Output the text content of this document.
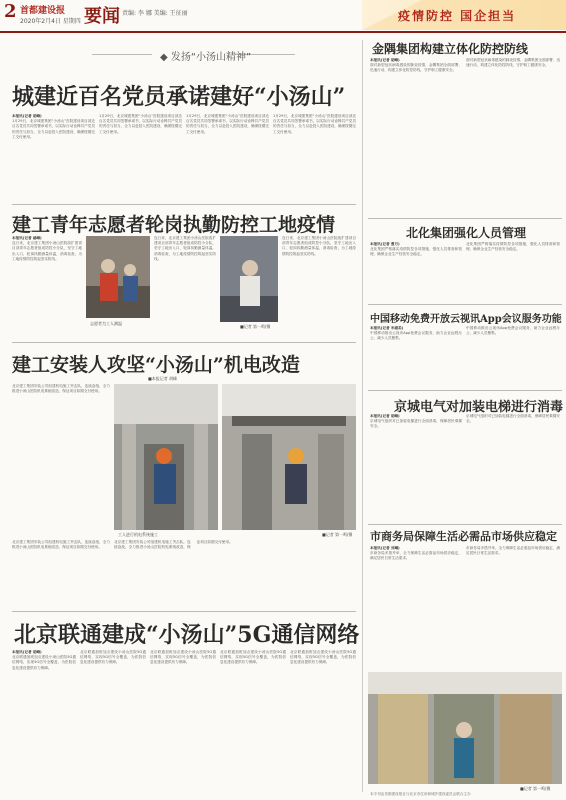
2 首都建设报
2020年2月4日 星期四 要闻 责编: 李 娜 美编: 王征丽	疫情防控 国企担当
◆ 发扬“小汤山精神”
城建近百名党员承诺建好“小汤山”
本报讯(记者 胡峰)
1月29日，北京城建集团“小汤山”医院建设项目部近百名党员共同签署承诺书，以实际行动诠释共产党员的责任与担当，全力以赴投入医院建设，确保按期完工交付使用。
1月29日，北京城建集团“小汤山”医院建设项目部近百名党员共同签署承诺书，以实际行动诠释共产党员的责任与担当，全力以赴投入医院建设，确保按期完工交付使用。
1月29日，北京城建集团“小汤山”医院建设项目部近百名党员共同签署承诺书，以实际行动诠释共产党员的责任与担当，全力以赴投入医院建设，确保按期完工交付使用。
1月29日，北京城建集团“小汤山”医院建设项目部近百名党员共同签署承诺书，以实际行动诠释共产党员的责任与担当，全力以赴投入医院建设，确保按期完工交付使用。
建工青年志愿者轮岗执勤防控工地疫情
本报讯(记者 郝峰)
连日来，北京建工集团小汤山医院改扩建项目部青年志愿者组成防控小分队，坚守工地出入口，轮岗执勤测量体温，消毒检查，为工地疫情防控筑起坚实防线。
志愿者为工人测温
连日来，北京建工集团小汤山医院改扩建项目部青年志愿者组成防控小分队，坚守工地出入口，轮岗执勤测量体温，消毒检查，为工地疫情防控筑起坚实防线。
■记者 第一鸣/摄
连日来，北京建工集团小汤山医院改扩建项目部青年志愿者组成防控小分队，坚守工地出入口，轮岗执勤测量体温，消毒检查，为工地疫情防控筑起坚实防线。
建工安装人攻坚“小汤山”机电改造
■本报记者 胡峰
北京建工集团安装公司组建机电施工突击队，连续奋战，全力推进小汤山医院机电系统改造，保证项目如期交付使用。
工人进行机电系统施工	■记者 第一鸣/摄
北京建工集团安装公司组建机电施工突击队，连续奋战，全力推进小汤山医院机电系统改造，保证项目如期交付使用。
北京建工集团安装公司组建机电施工突击队，连续奋战，全力推进小汤山医院机电系统改造，保证项目如期交付使用。
北京联通建成“小汤山”5G通信网络
本报讯(记者 胡峰)
北京联通加班加点建设小汤山医院5G通信网络，实现5G信号全覆盖，为医院信息化建设提供有力保障。
北京联通加班加点建设小汤山医院5G通信网络，实现5G信号全覆盖，为医院信息化建设提供有力保障。
北京联通加班加点建设小汤山医院5G通信网络，实现5G信号全覆盖，为医院信息化建设提供有力保障。
北京联通加班加点建设小汤山医院5G通信网络，实现5G信号全覆盖，为医院信息化建设提供有力保障。
北京联通加班加点建设小汤山医院5G通信网络，实现5G信号全覆盖，为医院信息化建设提供有力保障。
金隅集团构建立体化防控防线
本报讯(记者 胡峰)
面对新型冠状病毒感染的肺炎疫情，金隅集团全面部署、迅速行动，构建立体化防控防线，守护职工健康安全。
面对新型冠状病毒感染的肺炎疫情，金隅集团全面部署、迅速行动，构建立体化防控防线，守护职工健康安全。
北化集团强化人员管理
本报讯(记者 曹月)
北化集团严格落实疫情防控各项措施，强化人员排查和管理，确保企业生产经营安全稳定。
北化集团严格落实疫情防控各项措施，强化人员排查和管理，确保企业生产经营安全稳定。
中国移动免费开放云视讯App会议服务功能
本报讯(记者 米淑美)
中国移动推出云视讯App免费会议服务，助力企业远程办公，减少人员聚集。
中国移动推出云视讯App免费会议服务，助力企业远程办公，减少人员聚集。
京城电气对加装电梯进行消毒
本报讯(记者 胡峰)
京城电气组织对已加装电梯进行全面消毒，保障居民乘梯安全。
京城电气组织对已加装电梯进行全面消毒，保障居民乘梯安全。
市商务局保障生活必需品市场供应稳定
本报讯(记者 刘琳)
市商务局多措并举，全力保障生活必需品市场供应稳定，满足居民日常生活需求。
市商务局多措并举，全力保障生活必需品市场供应稳定，满足居民日常生活需求。
■记者 第一鸣/摄
本专刊由首都建设报社与北京市住房和城乡建设委员会联合主办
